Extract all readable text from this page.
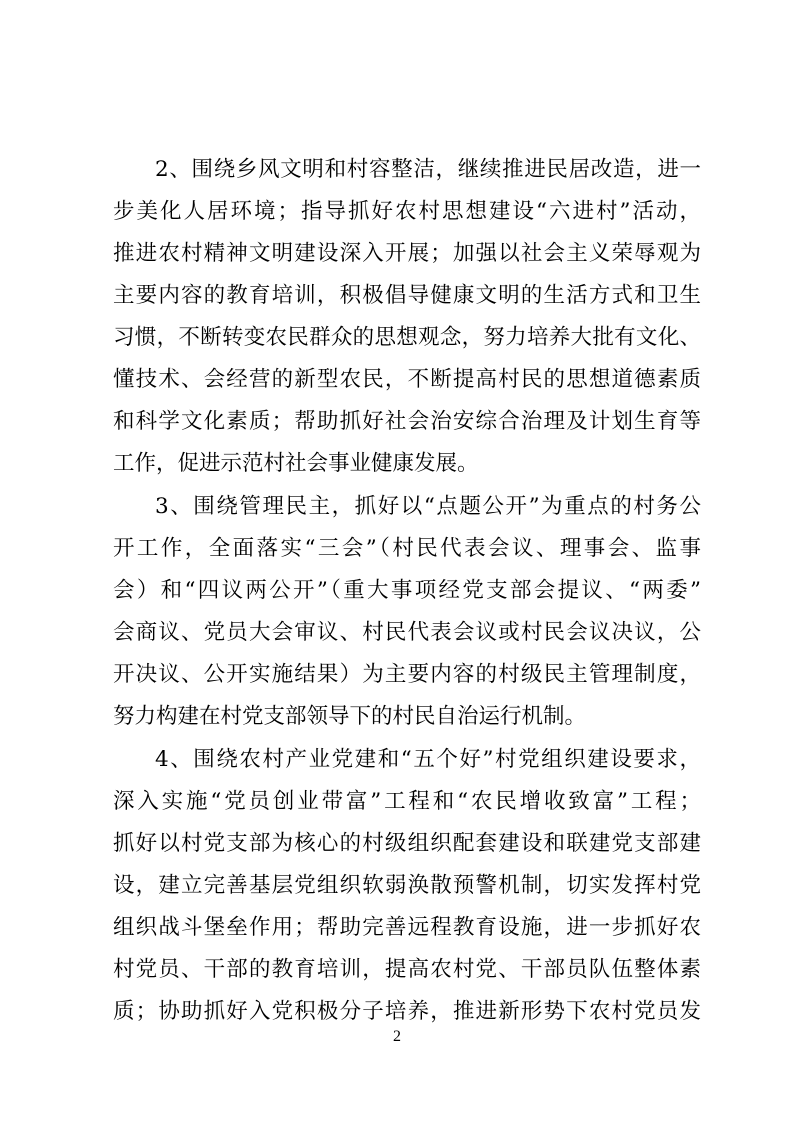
2、围绕乡风文明和村容整洁，继续推进民居改造，进一
步美化人居环境；指导抓好农村思想建设“六进村”活动，
推进农村精神文明建设深入开展；加强以社会主义荣辱观为
主要内容的教育培训，积极倡导健康文明的生活方式和卫生
习惯，不断转变农民群众的思想观念，努力培养大批有文化、
懂技术、会经营的新型农民，不断提高村民的思想道德素质
和科学文化素质；帮助抓好社会治安综合治理及计划生育等
工作，促进示范村社会事业健康发展。
3、围绕管理民主，抓好以“点题公开”为重点的村务公
开工作，全面落实“三会”（村民代表会议、理事会、监事
会）和“四议两公开”（重大事项经党支部会提议、“两委”
会商议、党员大会审议、村民代表会议或村民会议决议，公
开决议、公开实施结果）为主要内容的村级民主管理制度，
努力构建在村党支部领导下的村民自治运行机制。
4、围绕农村产业党建和“五个好”村党组织建设要求，
深入实施“党员创业带富”工程和“农民增收致富”工程；
抓好以村党支部为核心的村级组织配套建设和联建党支部建
设，建立完善基层党组织软弱涣散预警机制，切实发挥村党
组织战斗堡垒作用；帮助完善远程教育设施，进一步抓好农
村党员、干部的教育培训，提高农村党、干部员队伍整体素
质；协助抓好入党积极分子培养，推进新形势下农村党员发
2
